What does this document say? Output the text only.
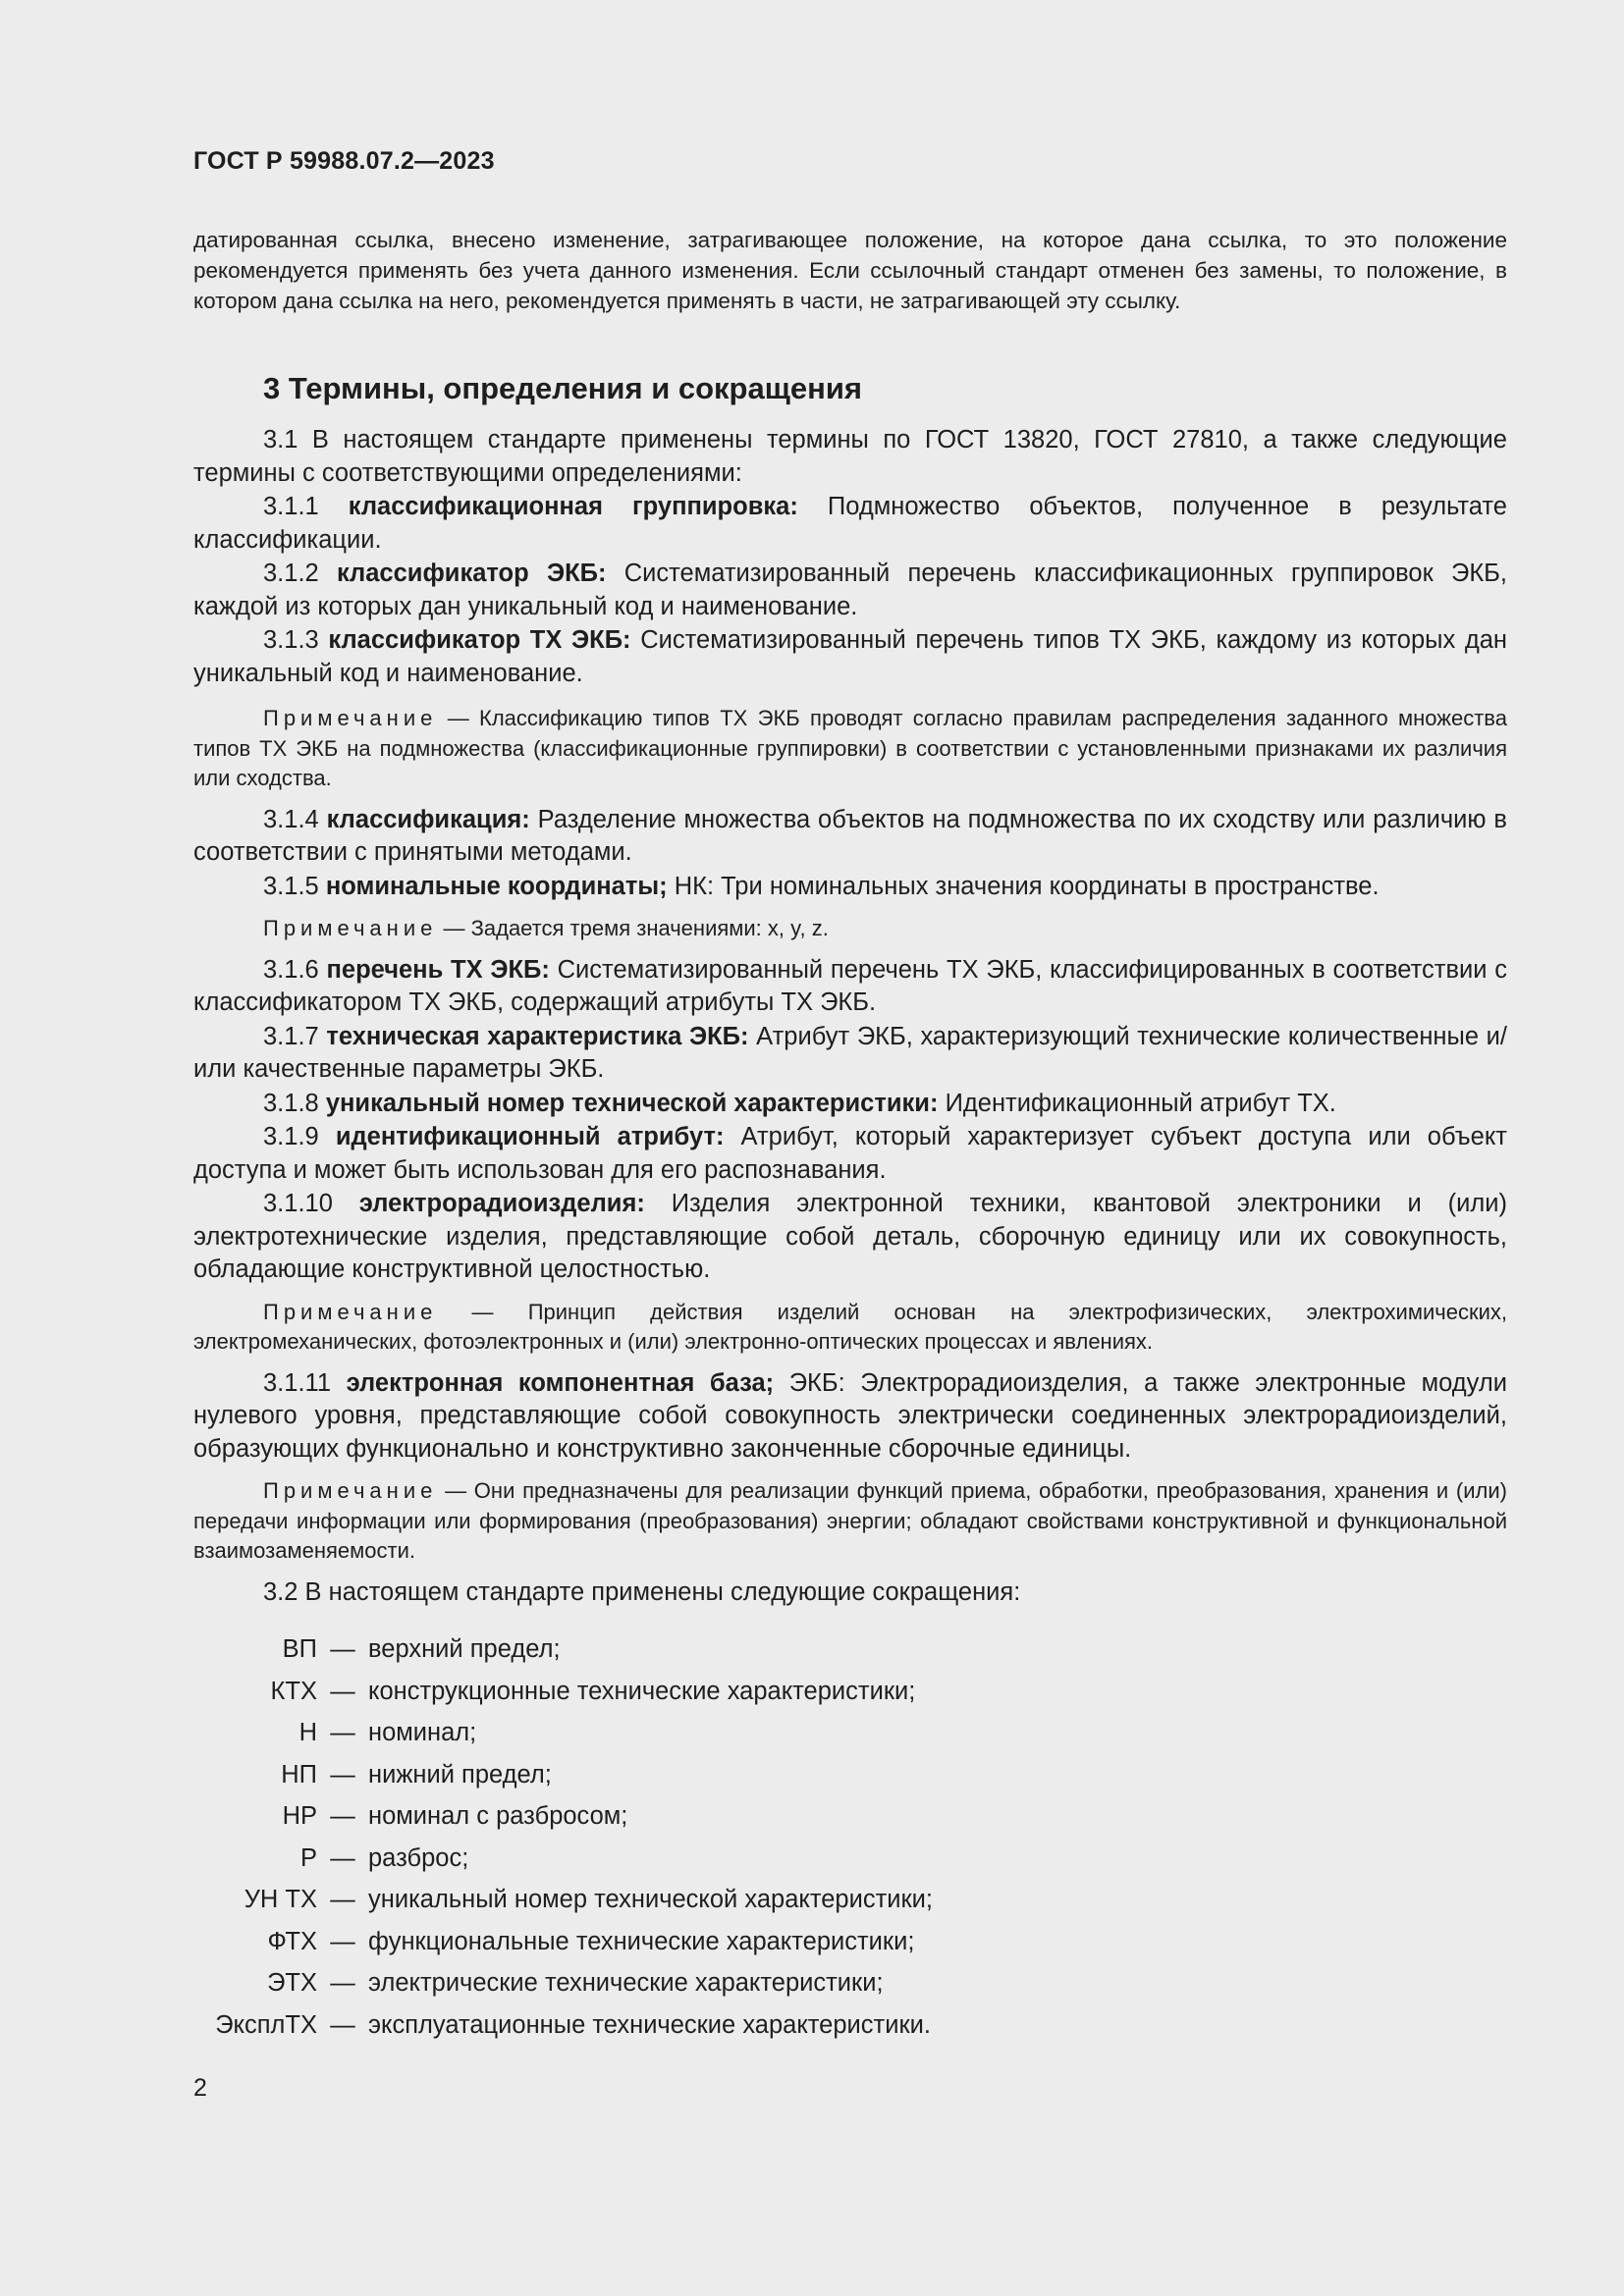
ГОСТ Р 59988.07.2—2023
датированная ссылка, внесено изменение, затрагивающее положение, на которое дана ссылка, то это положение рекомендуется применять без учета данного изменения. Если ссылочный стандарт отменен без замены, то положение, в котором дана ссылка на него, рекомендуется применять в части, не затрагивающей эту ссылку.
3 Термины, определения и сокращения

3.1 В настоящем стандарте применены термины по ГОСТ 13820, ГОСТ 27810, а также следующие термины с соответствующими определениями:

3.1.1 классификационная группировка: Подмножество объектов, полученное в результате классификации.

3.1.2 классификатор ЭКБ: Систематизированный перечень классификационных группировок ЭКБ, каждой из которых дан уникальный код и наименование.

3.1.3 классификатор ТХ ЭКБ: Систематизированный перечень типов ТХ ЭКБ, каждому из которых дан уникальный код и наименование.

Примечание — Классификацию типов ТХ ЭКБ проводят согласно правилам распределения заданного множества типов ТХ ЭКБ на подмножества (классификационные группировки) в соответствии с установленными признаками их различия или сходства.

3.1.4 классификация: Разделение множества объектов на подмножества по их сходству или различию в соответствии с принятыми методами.

3.1.5 номинальные координаты; НК: Три номинальных значения координаты в пространстве.

Примечание — Задается тремя значениями: x, y, z.

3.1.6 перечень ТХ ЭКБ: Систематизированный перечень ТХ ЭКБ, классифицированных в соответствии с классификатором ТХ ЭКБ, содержащий атрибуты ТХ ЭКБ.

3.1.7 техническая характеристика ЭКБ: Атрибут ЭКБ, характеризующий технические количественные и/или качественные параметры ЭКБ.

3.1.8 уникальный номер технической характеристики: Идентификационный атрибут ТХ.

3.1.9 идентификационный атрибут: Атрибут, который характеризует субъект доступа или объект доступа и может быть использован для его распознавания.

3.1.10 электрорадиоизделия: Изделия электронной техники, квантовой электроники и (или) электротехнические изделия, представляющие собой деталь, сборочную единицу или их совокупность, обладающие конструктивной целостностью.

Примечание — Принцип действия изделий основан на электрофизических, электрохимических, электромеханических, фотоэлектронных и (или) электронно-оптических процессах и явлениях.

3.1.11 электронная компонентная база; ЭКБ: Электрорадиоизделия, а также электронные модули нулевого уровня, представляющие собой совокупность электрически соединенных электрорадиоизделий, образующих функционально и конструктивно законченные сборочные единицы.

Примечание — Они предназначены для реализации функций приема, обработки, преобразования, хранения и (или) передачи информации или формирования (преобразования) энергии; обладают свойствами конструктивной и функциональной взаимозаменяемости.

3.2 В настоящем стандарте применены следующие сокращения:

ВП — верхний предел;
КТХ — конструкционные технические характеристики;
Н — номинал;
НП — нижний предел;
НР — номинал с разбросом;
Р — разброс;
УН ТХ — уникальный номер технической характеристики;
ФТХ — функциональные технические характеристики;
ЭТХ — электрические технические характеристики;
ЭксплТХ — эксплуатационные технические характеристики.
2
